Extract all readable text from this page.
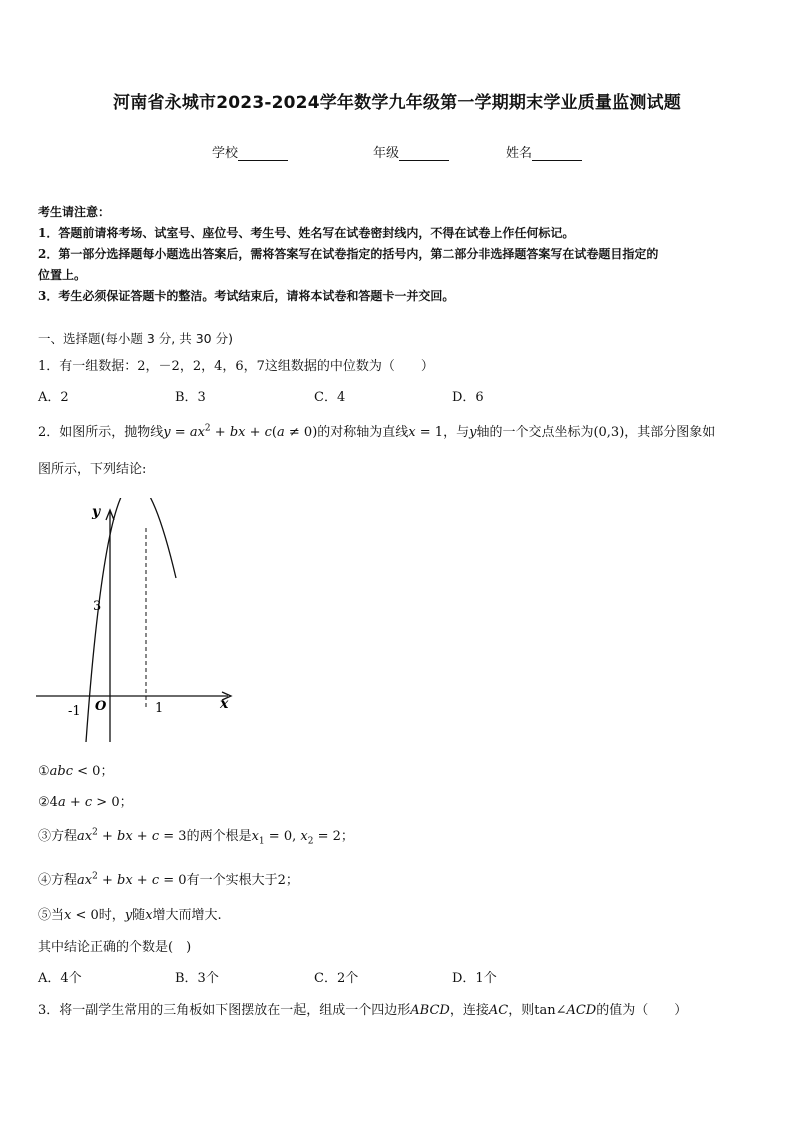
河南省永城市2023-2024学年数学九年级第一学期期末学业质量监测试题
学校	年级	姓名
考生请注意：
1．答题前请将考场、试室号、座位号、考生号、姓名写在试卷密封线内，不得在试卷上作任何标记。
2．第一部分选择题每小题选出答案后，需将答案写在试卷指定的括号内，第二部分非选择题答案写在试卷题目指定的
位置上。
3．考生必须保证答题卡的整洁。考试结束后，请将本试卷和答题卡一并交回。
一、选择题(每小题 3 分, 共 30 分)
1．有一组数据：2，－2，2，4，6，7这组数据的中位数为（　　）
A．2	B．3	C．4	D．6
2．如图所示，抛物线$y = ax^2$ + bx + c(a ≠ 0)的对称轴为直线x = 1，与y轴的一个交点坐标为(0,3)，其部分图象如
图所示，下列结论:
y
x
O
3
-1	1
①abc < 0；
②4a + c > 0；
③方程$ax^2$ + bx + c = 3的两个根是$x_1 = 0$, $x_2 = 2$；
④方程$ax^2$ + bx + c = 0有一个实根大于2；
⑤当x < 0时，y随x增大而增大.
其中结论正确的个数是(　)
A．4个	B．3个	C．2个	D．1个
3．将一副学生常用的三角板如下图摆放在一起，组成一个四边形ABCD，连接AC，则tan∠ACD的值为（　　）
